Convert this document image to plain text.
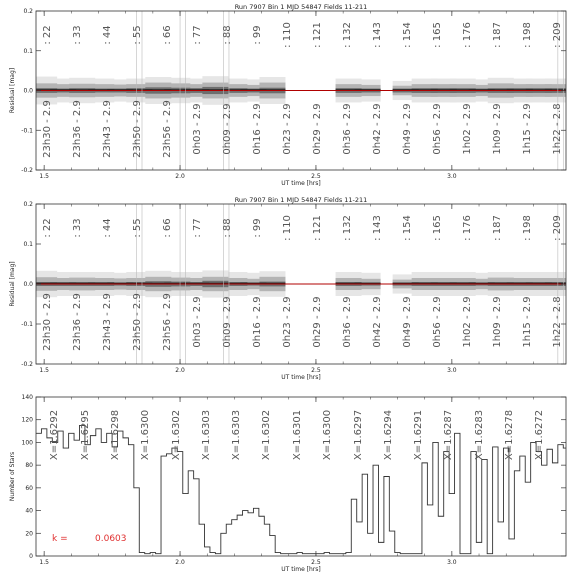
Run 7907 Bin 1 MJD 54847 Fields 11-211
: 22 : 33 : 44 : 55 : 66 : 77 : 88 : 99 : 110 : 121 : 132 : 143 : 154 : 165 : 176 : 187 : 198 : 209
23h30 - 2.9 23h36 - 2.9 23h43 - 2.9 23h50 - 2.9 23h56 - 2.9 0h03 - 2.9 0h09 - 2.9 0h16 - 2.9 0h23 - 2.9 0h29 - 2.9 0h36 - 2.9 0h42 - 2.9 0h49 - 2.9 0h56 - 2.9 1h02 - 2.9 1h09 - 2.9 1h15 - 2.9 1h22 - 2.8
1.5	2.0	2.5	3.0
-0.2
-0.1
0.0
0.1
0.2
UT time [hrs]
Residual [mag]
Run 7907 Bin 1 MJD 54847 Fields 11-211
: 22 : 33 : 44 : 55 : 66 : 77 : 88 : 99 : 110 : 121 : 132 : 143 : 154 : 165 : 176 : 187 : 198 : 209
23h30 - 2.9 23h36 - 2.9 23h43 - 2.9 23h50 - 2.9 23h56 - 2.9 0h03 - 2.9 0h09 - 2.9 0h16 - 2.9 0h23 - 2.9 0h29 - 2.9 0h36 - 2.9 0h42 - 2.9 0h49 - 2.9 0h56 - 2.9 1h02 - 2.9 1h09 - 2.9 1h15 - 2.9 1h22 - 2.8
1.5	2.0	2.5	3.0
-0.2
-0.1
0.0
0.1
0.2
UT time [hrs]
Residual [mag]
X=1.6292 X=1.6295 X=1.6298 X=1.6300 X=1.6302 X=1.6303 X=1.6303 X=1.6302 X=1.6301 X=1.6300 X=1.6297 X=1.6294 X=1.6291 X=1.6287 X=1.6283 X=1.6278 X=1.6272
k =	0.0603
1.5	2.0	2.5	3.0
0
20
40
60
80
100
120
140
UT time [hrs]
Number of Stars
